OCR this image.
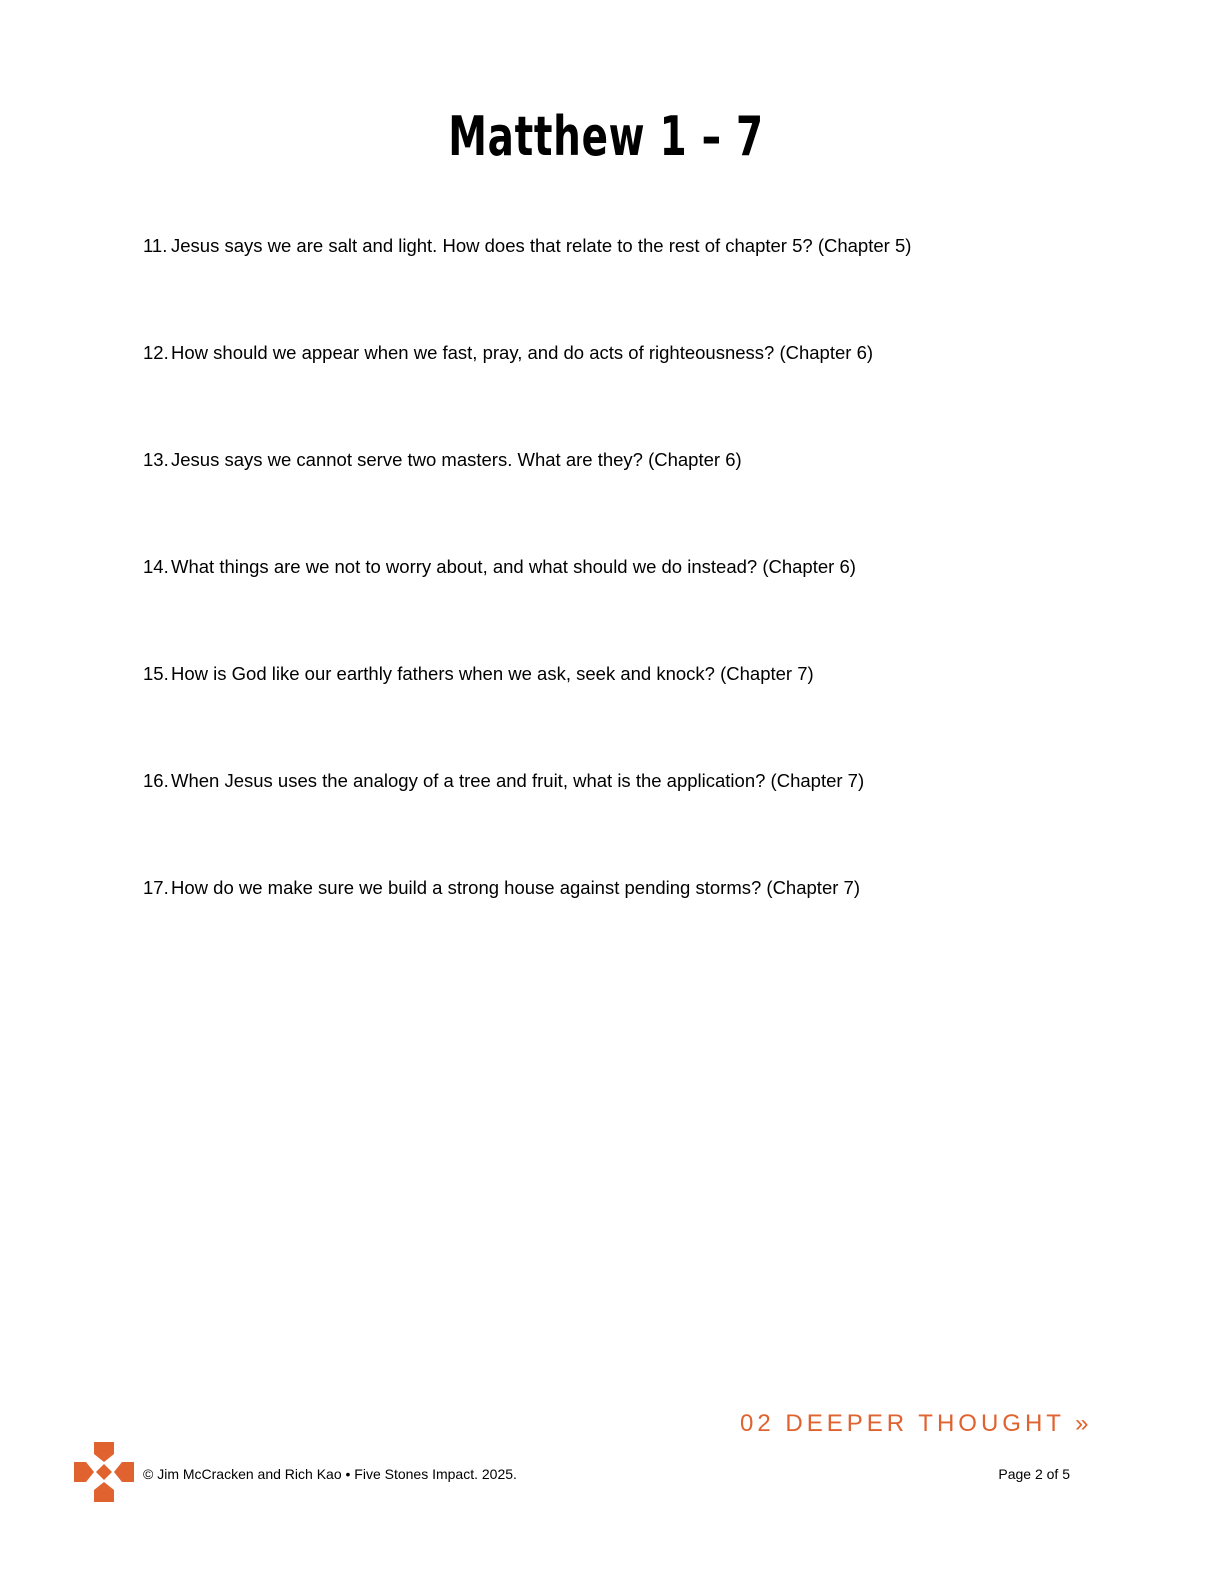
Matthew 1 – 7
11. Jesus says we are salt and light. How does that relate to the rest of chapter 5? (Chapter 5)
12. How should we appear when we fast, pray, and do acts of righteousness? (Chapter 6)
13. Jesus says we cannot serve two masters. What are they? (Chapter 6)
14. What things are we not to worry about, and what should we do instead? (Chapter 6)
15. How is God like our earthly fathers when we ask, seek and knock? (Chapter 7)
16. When Jesus uses the analogy of a tree and fruit, what is the application? (Chapter 7)
17. How do we make sure we build a strong house against pending storms? (Chapter 7)
02 DEEPER THOUGHT »
© Jim McCracken and Rich Kao • Five Stones Impact. 2025.	Page 2 of 5
